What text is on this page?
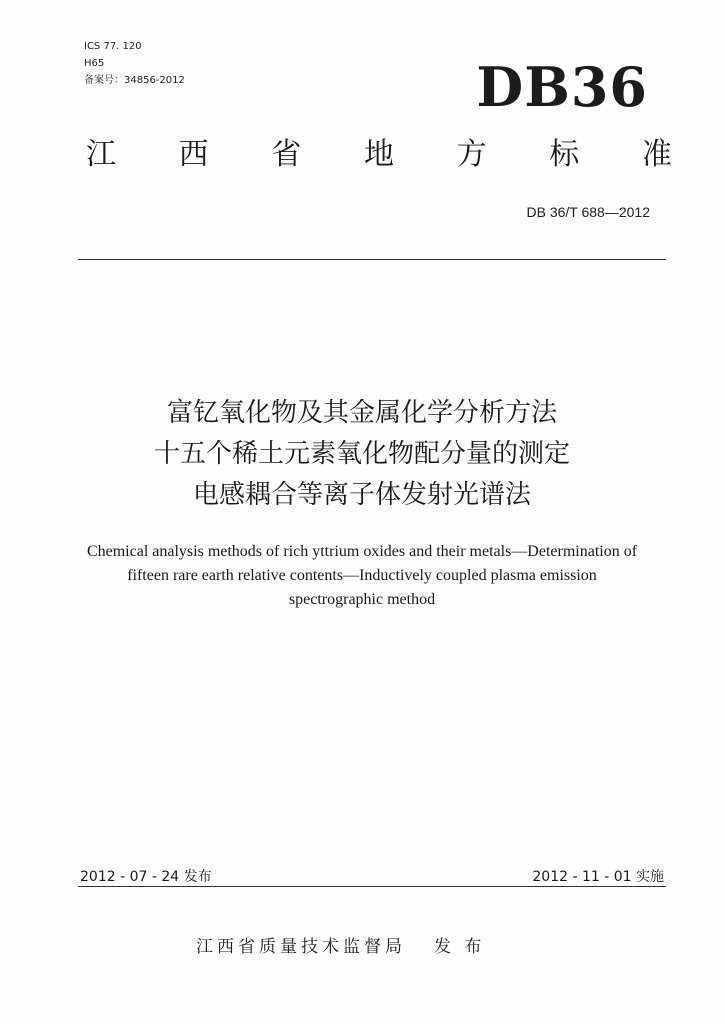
ICS 77. 120
H65
备案号：34856-2012	DB36
江 西 省 地 方 标 准
DB 36/T 688—2012
富钇氧化物及其金属化学分析方法
十五个稀土元素氧化物配分量的测定
电感耦合等离子体发射光谱法
Chemical analysis methods of rich yttrium oxides and their metals—Determination of
fifteen rare earth relative contents—Inductively coupled plasma emission
spectrographic method
2012 - 07 - 24 发布	2012 - 11 - 01 实施
江西省质量技术监督局 发 布
